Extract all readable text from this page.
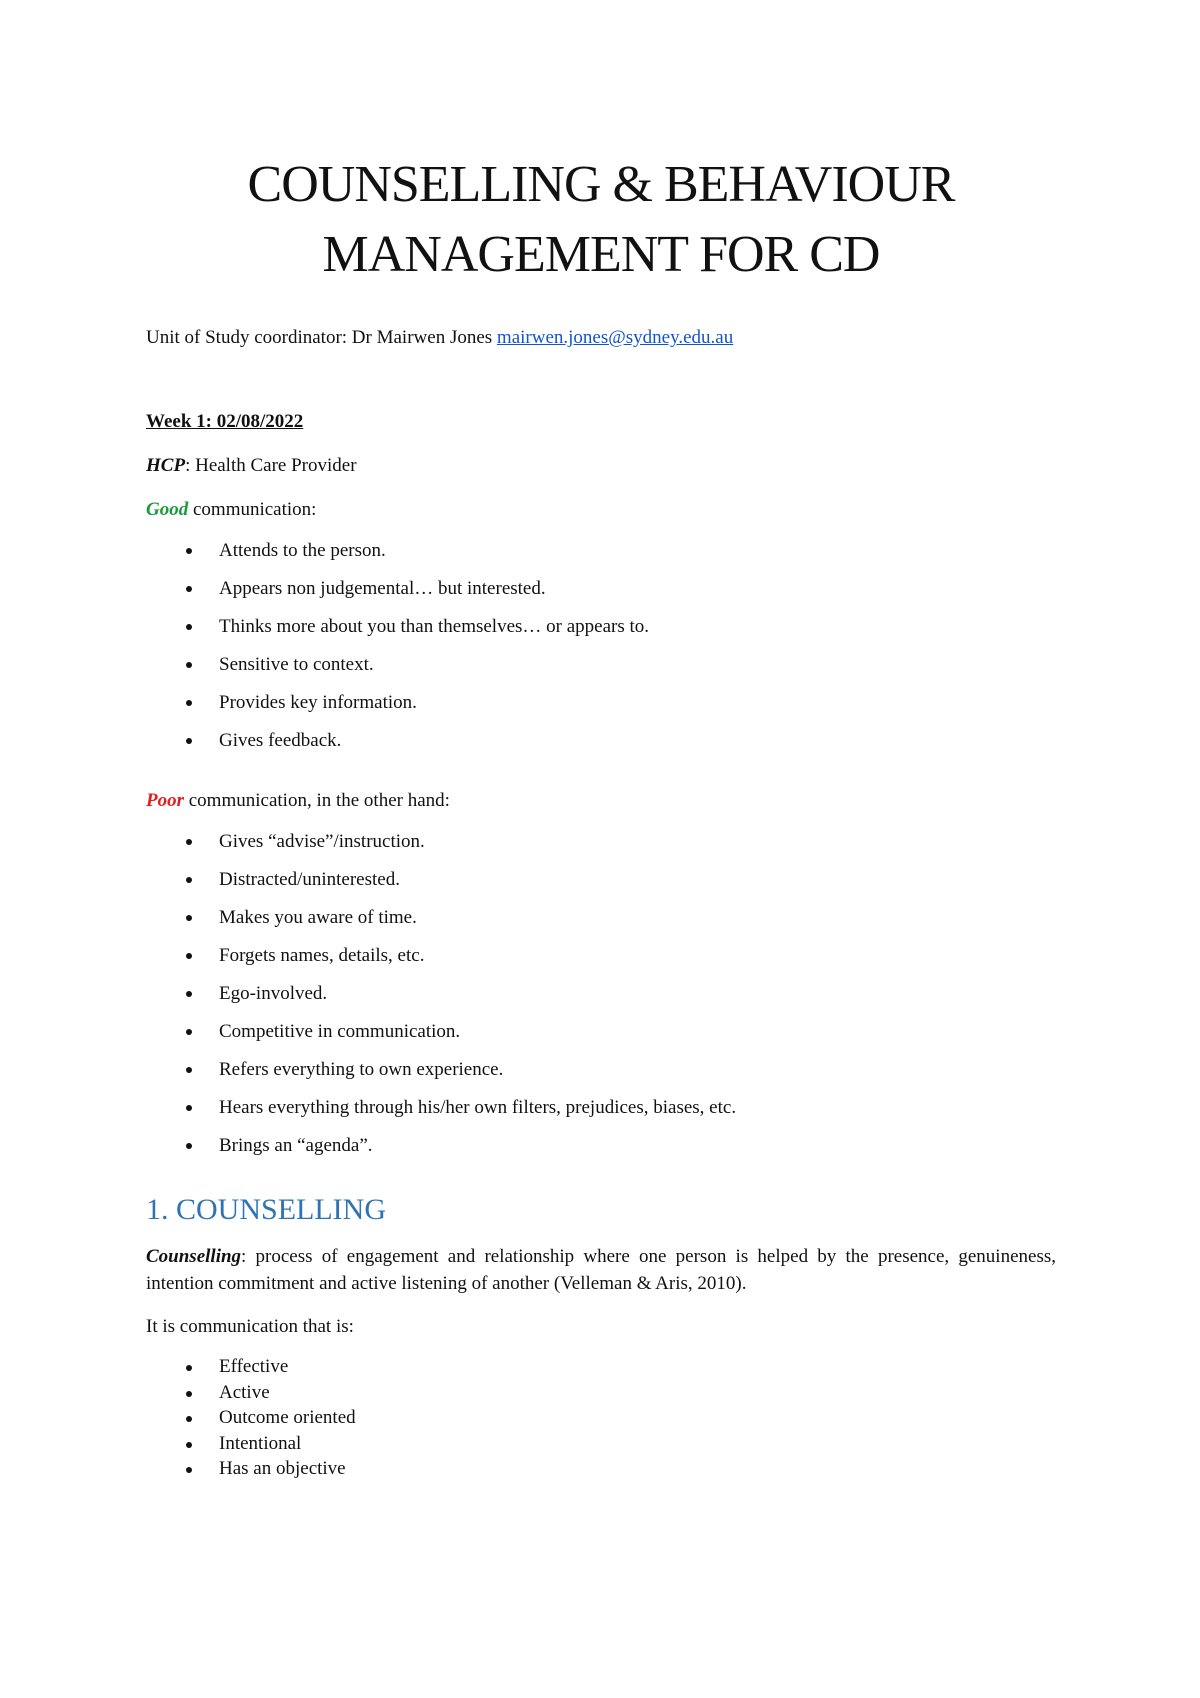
COUNSELLING & BEHAVIOUR
MANAGEMENT FOR CD

Unit of Study coordinator: Dr Mairwen Jones mairwen.jones@sydney.edu.au

Week 1: 02/08/2022

HCP: Health Care Provider

Good communication:

Attends to the person.
Appears non judgemental… but interested.
Thinks more about you than themselves… or appears to.
Sensitive to context.
Provides key information.
Gives feedback.

Poor communication, in the other hand:

Gives “advise”/instruction.
Distracted/uninterested.
Makes you aware of time.
Forgets names, details, etc.
Ego-involved.
Competitive in communication.
Refers everything to own experience.
Hears everything through his/her own filters, prejudices, biases, etc.
Brings an “agenda”.
1. COUNSELLING

Counselling: process of engagement and relationship where one person is helped by the presence, genuineness, intention commitment and active listening of another (Velleman & Aris, 2010).

It is communication that is:

Effective
Active
Outcome oriented
Intentional
Has an objective
